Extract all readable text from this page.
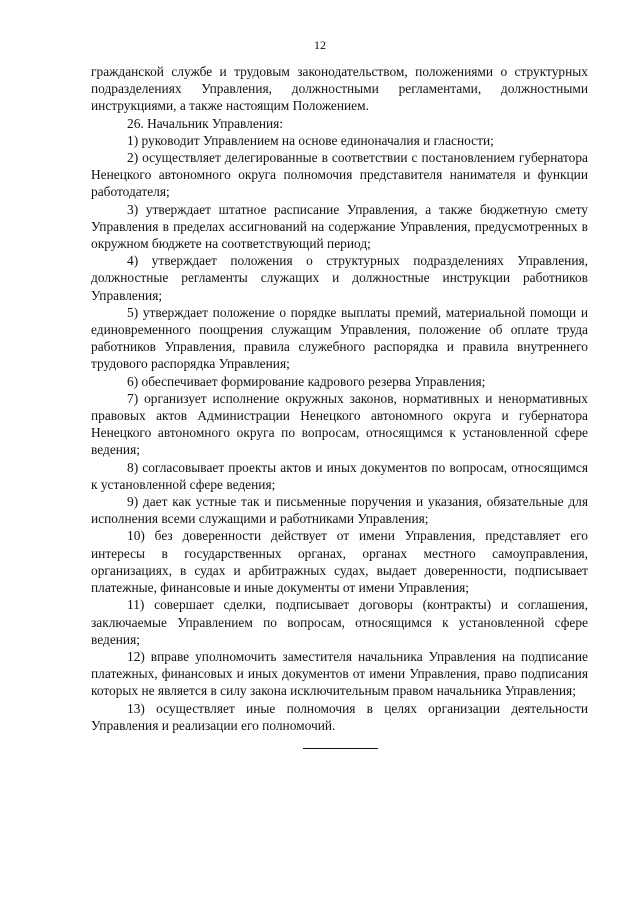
12

гражданской службе и трудовым законодательством, положениями о структурных подразделениях Управления, должностными регламентами, должностными инструкциями, а также настоящим Положением.

26. Начальник Управления:

1) руководит Управлением на основе единоначалия и гласности;

2) осуществляет делегированные в соответствии с постановлением губернатора Ненецкого автономного округа полномочия представителя нанимателя и функции работодателя;

3) утверждает штатное расписание Управления, а также бюджетную смету Управления в пределах ассигнований на содержание Управления, предусмотренных в окружном бюджете на соответствующий период;

4) утверждает положения о структурных подразделениях Управления, должностные регламенты служащих и должностные инструкции работников Управления;

5) утверждает положение о порядке выплаты премий, материальной помощи и единовременного поощрения служащим Управления, положение об оплате труда работников Управления, правила служебного распорядка и правила внутреннего трудового распорядка Управления;

6) обеспечивает формирование кадрового резерва Управления;

7) организует исполнение окружных законов, нормативных и ненормативных правовых актов Администрации Ненецкого автономного округа и губернатора Ненецкого автономного округа по вопросам, относящимся к установленной сфере ведения;

8) согласовывает проекты актов и иных документов по вопросам, относящимся к установленной сфере ведения;

9) дает как устные так и письменные поручения и указания, обязательные для исполнения всеми служащими и работниками Управления;

10) без доверенности действует от имени Управления, представляет его интересы в государственных органах, органах местного самоуправления, организациях, в судах и арбитражных судах, выдает доверенности, подписывает платежные, финансовые и иные документы от имени Управления;

11) совершает сделки, подписывает договоры (контракты) и соглашения, заключаемые Управлением по вопросам, относящимся к установленной сфере ведения;

12) вправе уполномочить заместителя начальника Управления на подписание платежных, финансовых и иных документов от имени Управления, право подписания которых не является в силу закона исключительным правом начальника Управления;

13) осуществляет иные полномочия в целях организации деятельности Управления и реализации его полномочий.
